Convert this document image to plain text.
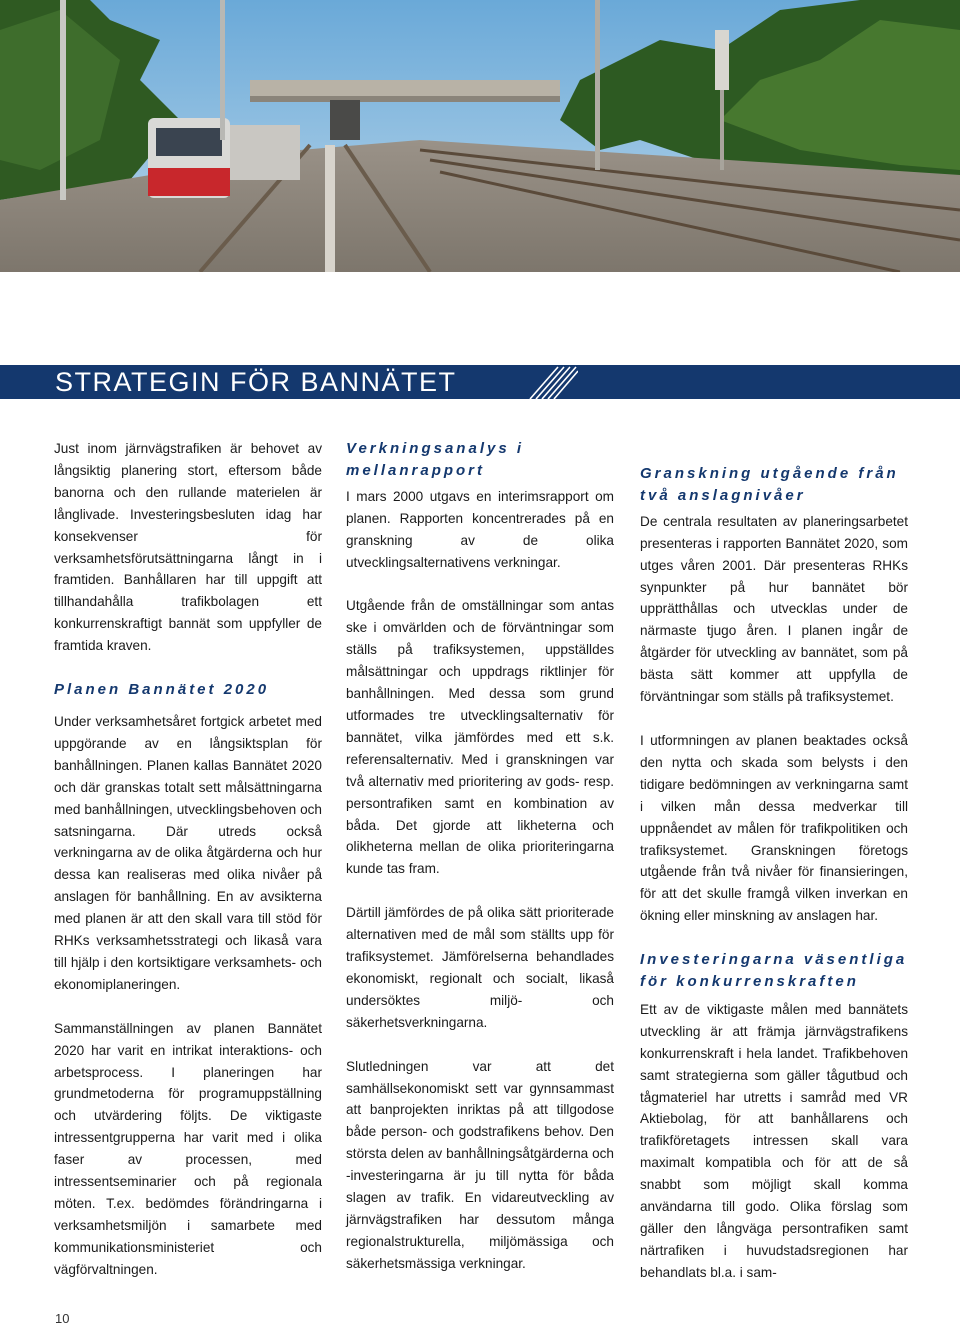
STRATEGIN FÖR BANNÄTET

Just inom järnvägstrafiken är behovet av långsiktig planering stort, eftersom både banorna och den rullande materielen är långlivade. Investeringsbesluten idag har konsekvenser för verksamhetsförutsättningarna långt in i framtiden. Banhållaren har till uppgift att tillhandahålla trafikbolagen ett konkurrenskraftigt bannät som uppfyller de framtida kraven.

Planen Bannätet 2020

Under verksamhetsåret fortgick arbetet med uppgörande av en långsiktsplan för banhållningen. Planen kallas Bannätet 2020 och där granskas totalt sett målsättningarna med banhållningen, utvecklingsbehoven och satsningarna. Där utreds också verkningarna av de olika åtgärderna och hur dessa kan realiseras med olika nivåer på anslagen för banhållning. En av avsikterna med planen är att den skall vara till stöd för RHKs verksamhetsstrategi och likaså vara till hjälp i den kortsiktigare verksamhets- och ekonomiplaneringen.

Sammanställningen av planen Bannätet 2020 har varit en intrikat interaktions- och arbetsprocess. I planeringen har grundmetoderna för programuppställning och utvärdering följts. De viktigaste intressentgrupperna har varit med i olika faser av processen, med intressentseminarier och på regionala möten. T.ex. bedömdes förändringarna i verksamhetsmiljön i samarbete med kommunikationsministeriet och vägförvaltningen.

Verkningsanalys i mellanrapport

I mars 2000 utgavs en interimsrapport om planen. Rapporten koncentrerades på en granskning av de olika utvecklingsalternativens verkningar.

Utgående från de omställningar som antas ske i omvärlden och de förväntningar som ställs på trafiksystemen, uppställdes målsättningar och uppdrags riktlinjer för banhållningen. Med dessa som grund utformades tre utvecklingsalternativ för bannätet, vilka jämfördes med ett s.k. referensalternativ. Med i granskningen var två alternativ med prioritering av gods- resp. persontrafiken samt en kombination av båda. Det gjorde att likheterna och olikheterna mellan de olika prioriteringarna kunde tas fram.

Därtill jämfördes de på olika sätt prioriterade alternativen med de mål som ställts upp för trafiksystemet. Jämförelserna behandlades ekonomiskt, regionalt och socialt, likaså undersöktes miljö- och säkerhetsverkningarna.

Slutledningen var att det samhällsekonomiskt sett var gynnsammast att banprojekten inriktas på att tillgodose både person- och godstrafikens behov. Den största delen av banhållningsåtgärderna och -investeringarna är ju till nytta för båda slagen av trafik. En vidareutveckling av järnvägstrafiken har dessutom många regionalstrukturella, miljömässiga och säkerhetsmässiga verkningar.

Granskning utgående från två anslagnivåer

De centrala resultaten av planeringsarbetet presenteras i rapporten Bannätet 2020, som utges våren 2001. Där presenteras RHKs synpunkter på hur bannätet bör upprätthållas och utvecklas under de närmaste tjugo åren. I planen ingår de åtgärder för utveckling av bannätet, som på bästa sätt kommer att uppfylla de förväntningar som ställs på trafiksystemet.

I utformningen av planen beaktades också den nytta och skada som belysts i den tidigare bedömningen av verkningarna samt i vilken mån dessa medverkar till uppnåendet av målen för trafikpolitiken och trafiksystemet. Granskningen företogs utgående från två nivåer för finansieringen, för att det skulle framgå vilken inverkan en ökning eller minskning av anslagen har.

Investeringarna väsentliga för konkurrenskraften

Ett av de viktigaste målen med bannätets utveckling är att främja järnvägstrafikens konkurrenskraft i hela landet. Trafikbehoven samt strategierna som gäller tågutbud och tågmateriel har utretts i samråd med VR Aktiebolag, för att banhållarens och trafikföretagets intressen skall vara maximalt kompatibla och för att de så snabbt som möjligt skall komma användarna till godo. Olika förslag som gäller den långväga persontrafiken samt närtrafiken i huvudstadsregionen har behandlats bl.a. i sam-

10
